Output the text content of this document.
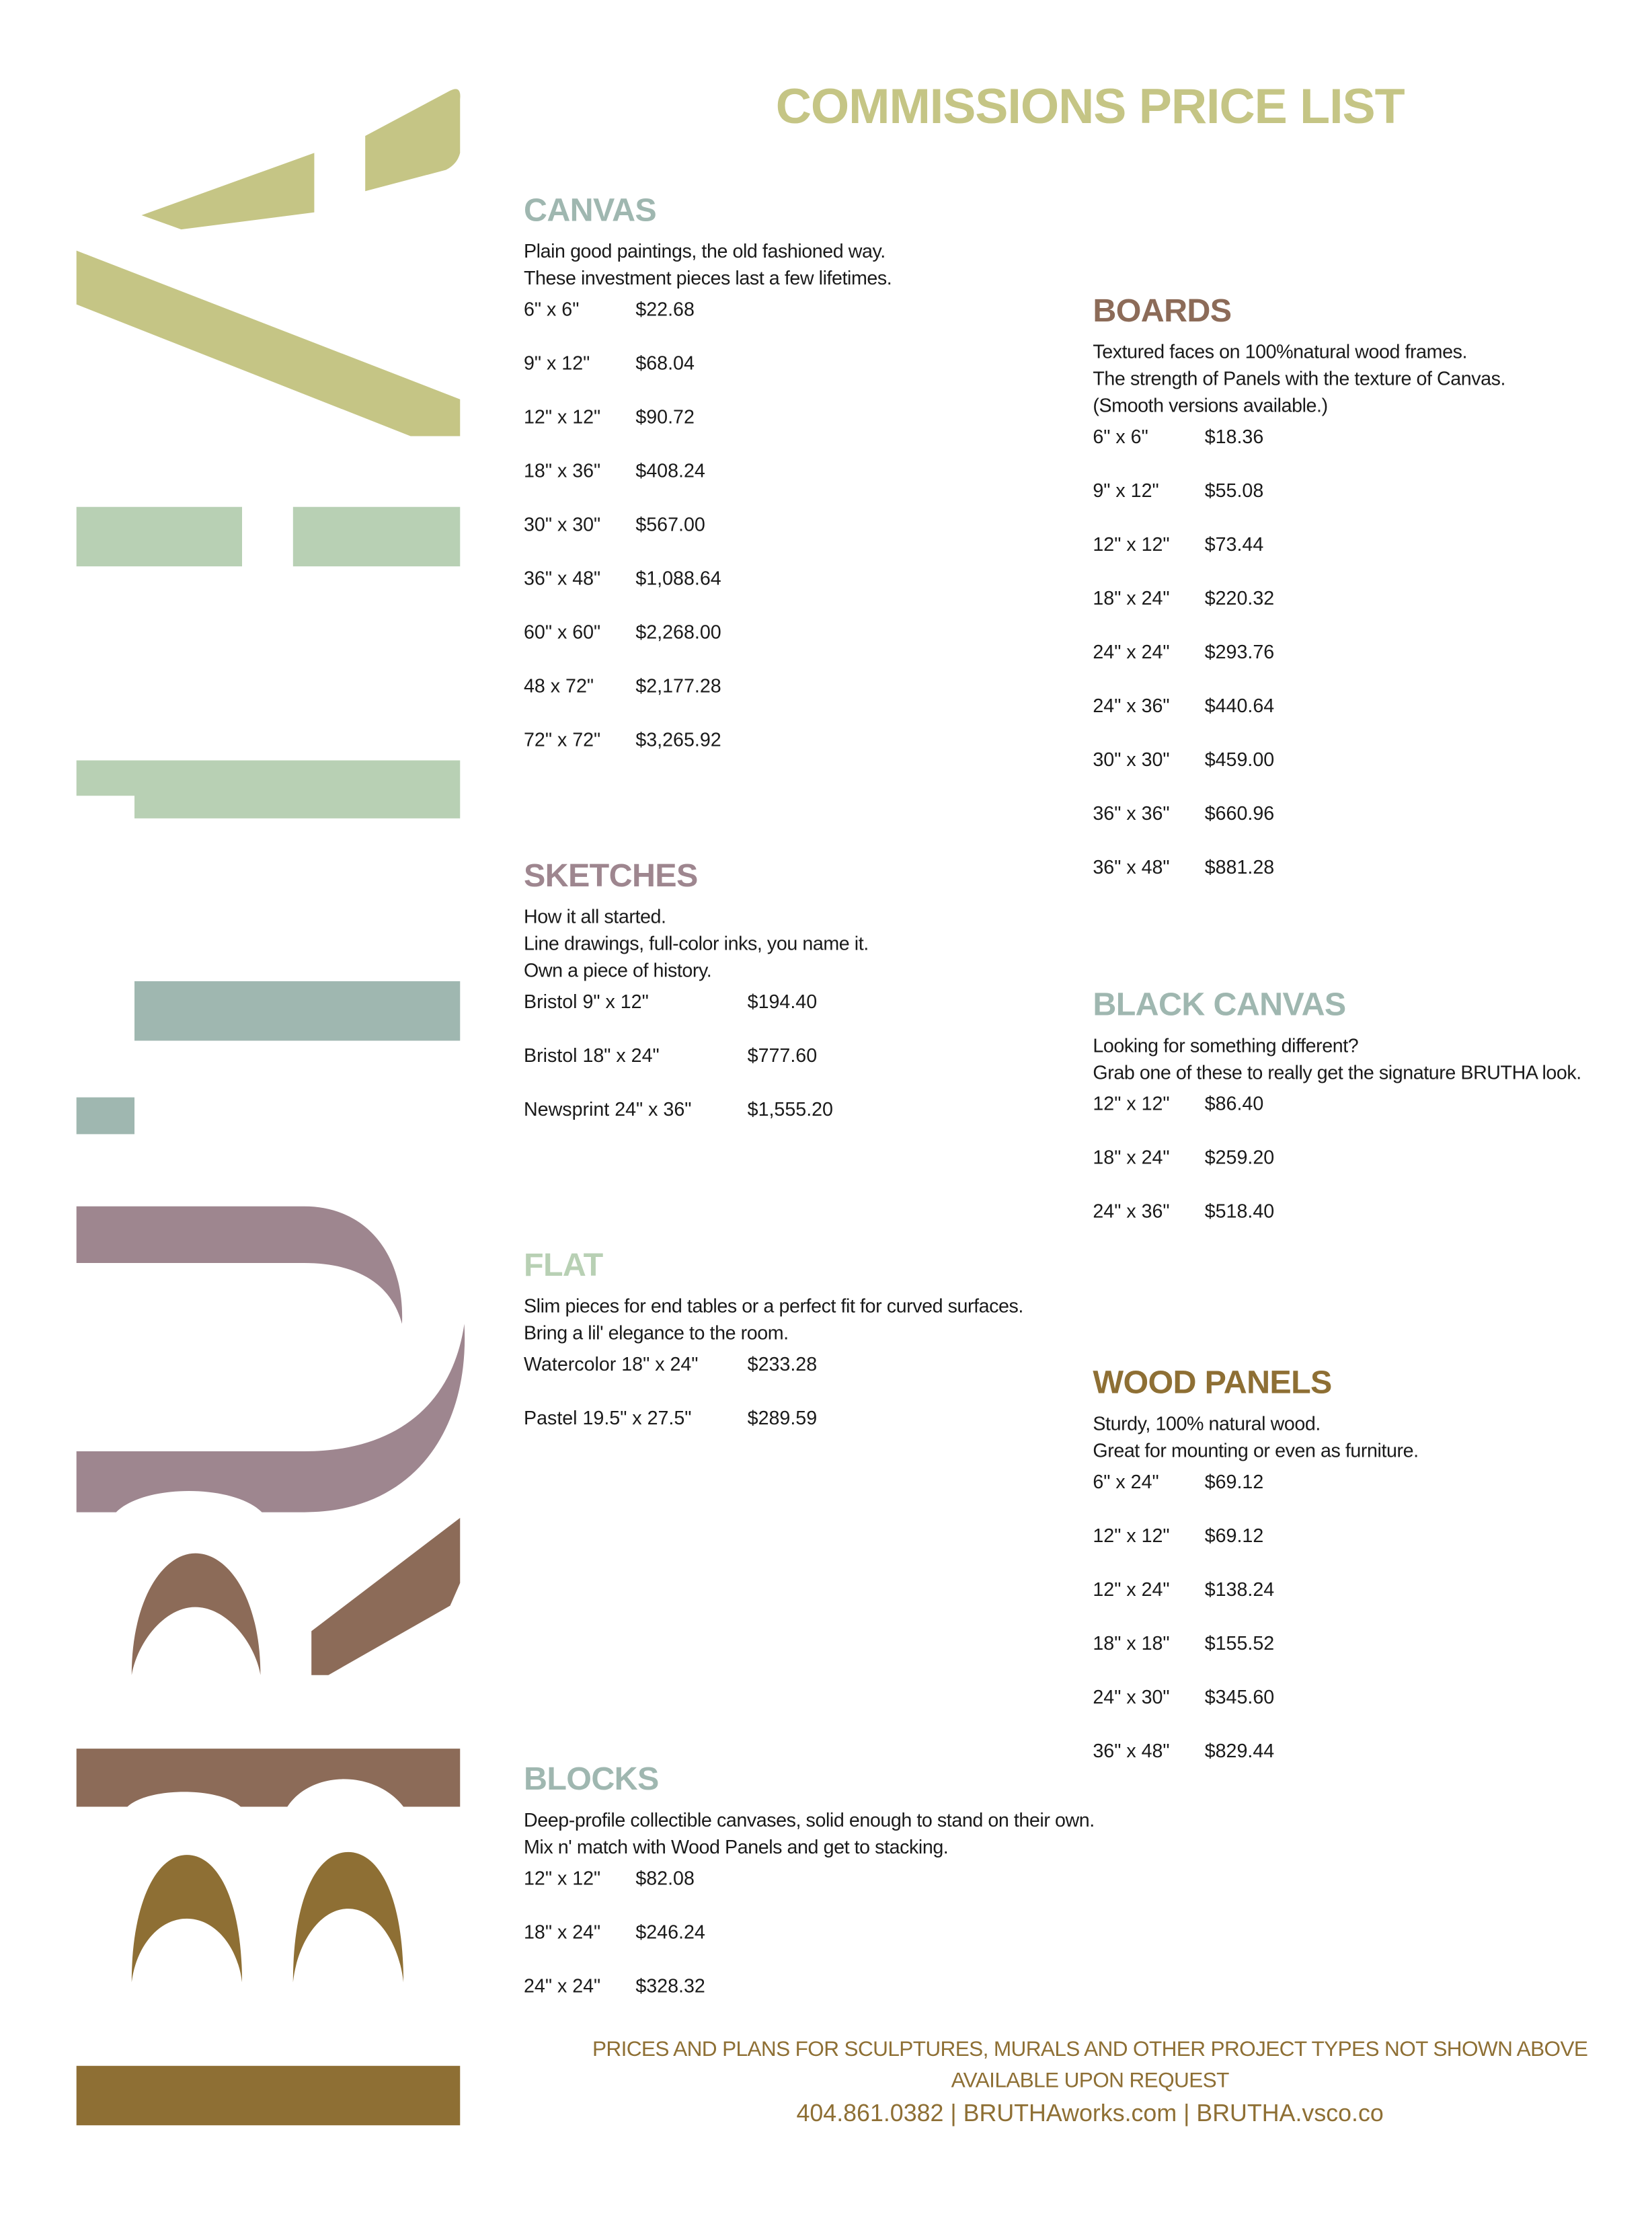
COMMISSIONS PRICE LIST
CANVAS
Plain good paintings, the old fashioned way.
These investment pieces last a few lifetimes.
6" x 6"	$22.68
9" x 12"	$68.04
12" x 12"	$90.72
18" x 36"	$408.24
30" x 30"	$567.00
36" x 48"	$1,088.64
60" x 60"	$2,268.00
48 x 72"	$2,177.28
72" x 72"	$3,265.92
BOARDS
Textured faces on 100%natural wood frames.
The strength of Panels with the texture of Canvas.
(Smooth versions available.)
6" x 6"	$18.36
9" x 12"	$55.08
12" x 12"	$73.44
18" x 24"	$220.32
24" x 24"	$293.76
24" x 36"	$440.64
30" x 30"	$459.00
36" x 36"	$660.96
36" x 48"	$881.28
SKETCHES
How it all started.
Line drawings, full-color inks, you name it.
Own a piece of history.
Bristol 9" x 12"	$194.40
Bristol 18" x 24"	$777.60
Newsprint 24" x 36"	$1,555.20
BLACK CANVAS
Looking for something different?
Grab one of these to really get the signature BRUTHA look.
12" x 12"	$86.40
18" x 24"	$259.20
24" x 36"	$518.40
FLAT
Slim pieces for end tables or a perfect fit for curved surfaces.
Bring a lil' elegance to the room.
Watercolor 18" x 24"	$233.28
Pastel 19.5" x 27.5"	$289.59
WOOD PANELS
Sturdy, 100% natural wood.
Great for mounting or even as furniture.
6" x 24"	$69.12
12" x 12"	$69.12
12" x 24"	$138.24
18" x 18"	$155.52
24" x 30"	$345.60
36" x 48"	$829.44
BLOCKS
Deep-profile collectible canvases, solid enough to stand on their own.
Mix n' match with Wood Panels and get to stacking.
12" x 12"	$82.08
18" x 24"	$246.24
24" x 24"	$328.32
PRICES AND PLANS FOR SCULPTURES, MURALS AND OTHER PROJECT TYPES NOT SHOWN ABOVE
AVAILABLE UPON REQUEST
404.861.0382 | BRUTHAworks.com | BRUTHA.vsco.co
